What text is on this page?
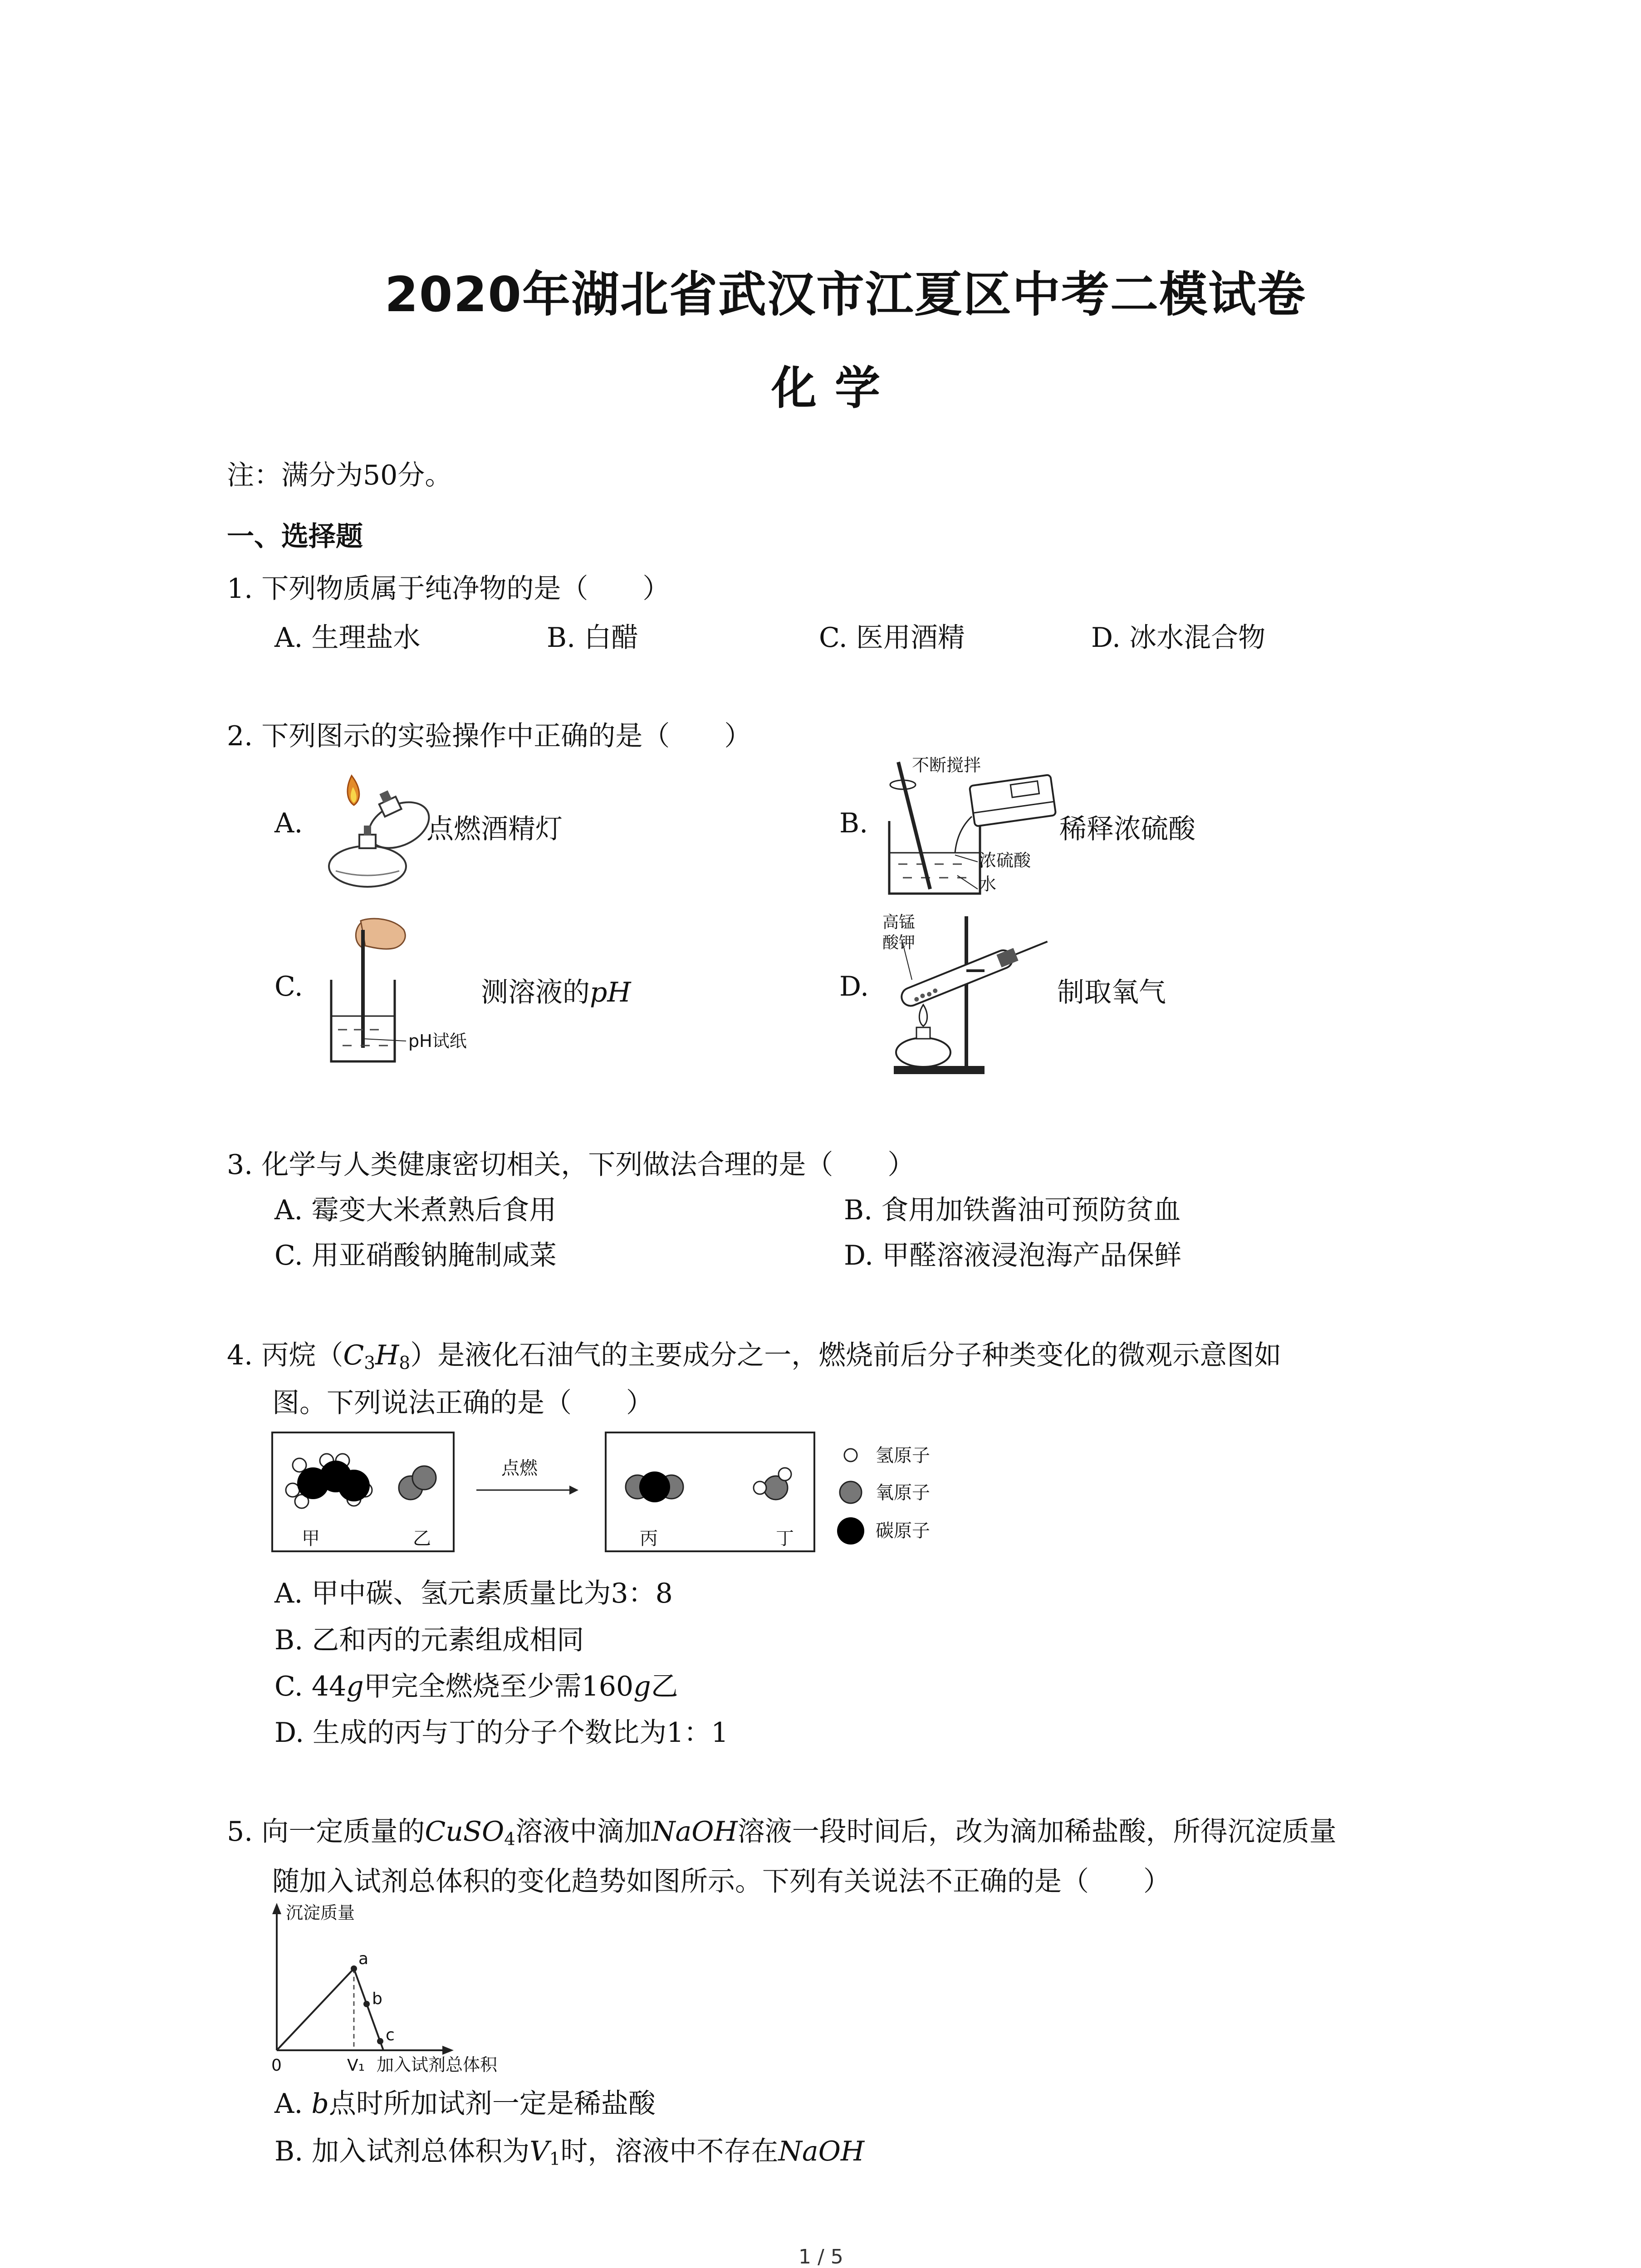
2020年湖北省武汉市江夏区中考二模试卷
化学
注：满分为50分。
一、选择题
1. 下列物质属于纯净物的是（　　）
A. 生理盐水	B. 白醋	C. 医用酒精	D. 冰水混合物
2. 下列图示的实验操作中正确的是（　　）
A.	点燃酒精灯	B.
不断搅拌
浓硫酸
水
稀释浓硫酸
C.
pH试纸
测溶液的pH	D.
高锰
酸钾
制取氧气
3. 化学与人类健康密切相关，下列做法合理的是（　　）
A. 霉变大米煮熟后食用	B. 食用加铁酱油可预防贫血
C. 用亚硝酸钠腌制咸菜	D. 甲醛溶液浸泡海产品保鲜
4. 丙烷$(C_3H_8)$是液化石油气的主要成分之一，燃烧前后分子种类变化的微观示意图如
图。下列说法正确的是（　　）
甲	乙
点燃
丙	丁
氢原子
氧原子
碳原子
A. 甲中碳、氢元素质量比为3：8
B. 乙和丙的元素组成相同
C. 44g甲完全燃烧至少需160g乙
D. 生成的丙与丁的分子个数比为1：1
5. 向一定质量的CuSO$_4$溶液中滴加NaOH溶液一段时间后，改为滴加稀盐酸，所得沉淀质量
随加入试剂总体积的变化趋势如图所示。下列有关说法不正确的是（　　）
a
b
c
沉淀质量
0	V₁ 加入试剂总体积
A. b点时所加试剂一定是稀盐酸
B. 加入试剂总体积为$V_1$时，溶液中不存在NaOH
1 / 5
